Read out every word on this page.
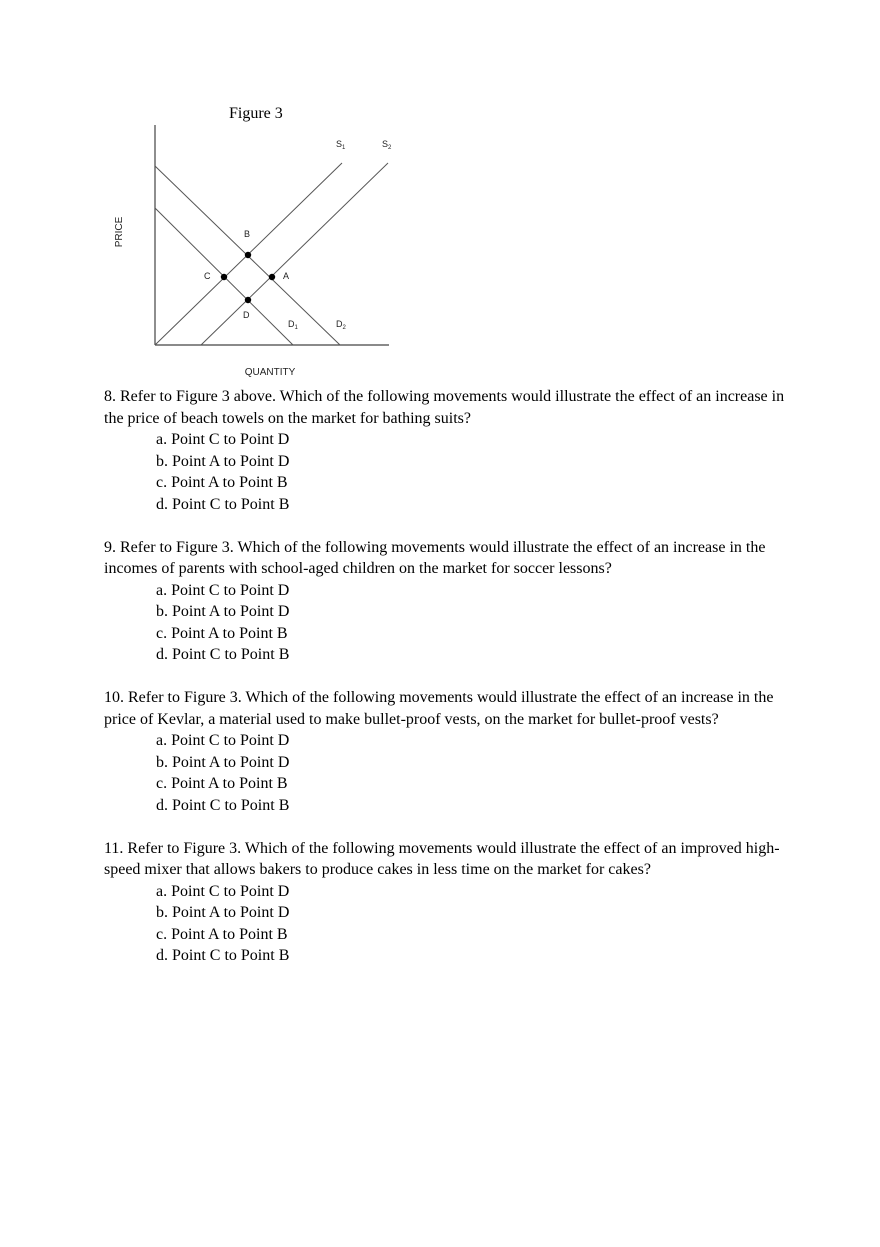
Figure 3
PRICE
QUANTITY
$S_1$	$S_2$
$D_1$	$D_2$
B
C	A
D

8. Refer to Figure 3 above. Which of the following movements would illustrate the effect of an increase in the price of beach towels on the market for bathing suits?

a. Point C to Point D
b. Point A to Point D
c. Point A to Point B
d. Point C to Point B

9. Refer to Figure 3. Which of the following movements would illustrate the effect of an increase in the incomes of parents with school-aged children on the market for soccer lessons?

a. Point C to Point D
b. Point A to Point D
c. Point A to Point B
d. Point C to Point B

10. Refer to Figure 3. Which of the following movements would illustrate the effect of an increase in the price of Kevlar, a material used to make bullet-proof vests, on the market for bullet-proof vests?

a. Point C to Point D
b. Point A to Point D
c. Point A to Point B
d. Point C to Point B

11. Refer to Figure 3. Which of the following movements would illustrate the effect of an improved high-speed mixer that allows bakers to produce cakes in less time on the market for cakes?

a. Point C to Point D
b. Point A to Point D
c. Point A to Point B
d. Point C to Point B
